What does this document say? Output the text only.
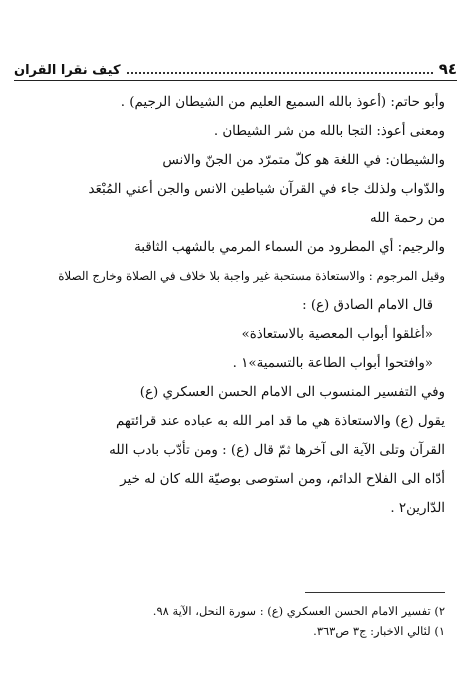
٩٤
كيف نقرا القران
وأبو حاتم: (أعوذ بالله السميع العليم من الشيطان الرجيم) .
ومعنى أعوذ: التجا بالله من شر الشيطان .
والشيطان: في اللغة هو كلّ متمرّد من الجنّ والانس
والدّواب ولذلك جاء في القرآن شياطين الانس والجن أعني المُبْعَد
من رحمة الله
والرجيم: أي المطرود من السماء المرمي بالشهب الثاقبة
وقيل المرجوم : والاستعاذة مستحبة غير واجبة بلا خلاف في الصلاة وخارج الصلاة
قال الامام الصادق (ع) :
«أغلقوا أبواب المعصية بالاستعاذة»
«وافتحوا أبواب الطاعة بالتسمية»١ .
وفي التفسير المنسوب الى الامام الحسن العسكري (ع)
يقول (ع) والاستعاذة هي ما قد امر الله به عباده عند قرائتهم
القرآن وتلى الآية الى آخرها ثمّ قال (ع) : ومن تأدّب بادب الله
أدّاه الى الفلاح الدائم، ومن استوصى بوصيّة الله كان له خير
الدّارين٢ .
٢) تفسير الامام الحسن العسكري (ع) : سورة النحل، الآية ٩٨.
١) لئالي الاخبار: ج٣ ص٣٦٣.
